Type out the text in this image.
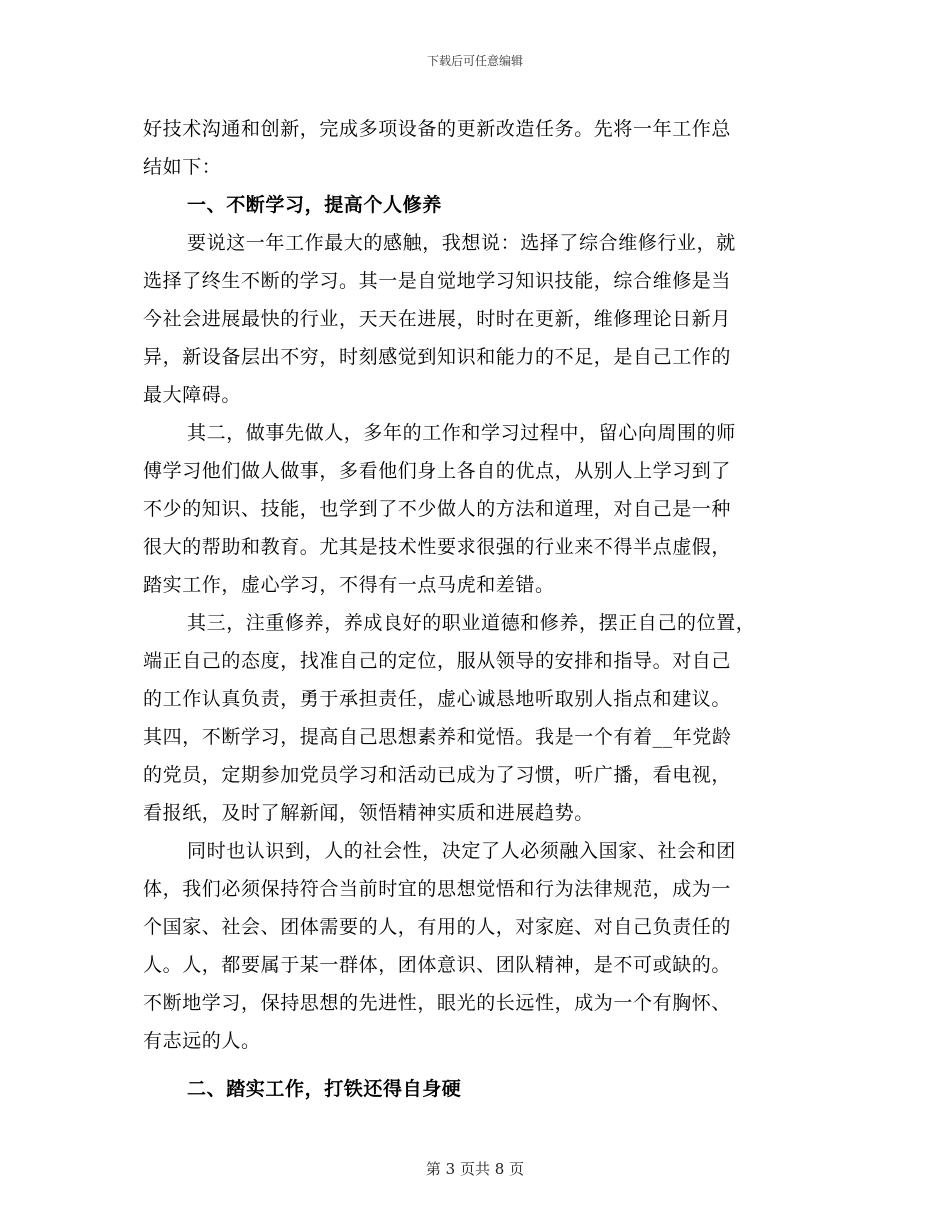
下载后可任意编辑
好技术沟通和创新，完成多项设备的更新改造任务。先将一年工作总
结如下：
一、不断学习，提高个人修养
要说这一年工作最大的感触，我想说：选择了综合维修行业，就
选择了终生不断的学习。其一是自觉地学习知识技能，综合维修是当
今社会进展最快的行业，天天在进展，时时在更新，维修理论日新月
异，新设备层出不穷，时刻感觉到知识和能力的不足，是自己工作的
最大障碍。
其二，做事先做人，多年的工作和学习过程中，留心向周围的师
傅学习他们做人做事，多看他们身上各自的优点，从别人上学习到了
不少的知识、技能，也学到了不少做人的方法和道理，对自己是一种
很大的帮助和教育。尤其是技术性要求很强的行业来不得半点虚假，
踏实工作，虚心学习，不得有一点马虎和差错。
其三，注重修养，养成良好的职业道德和修养，摆正自己的位置，
端正自己的态度，找准自己的定位，服从领导的安排和指导。对自己
的工作认真负责，勇于承担责任，虚心诚恳地听取别人指点和建议。
其四，不断学习，提高自己思想素养和觉悟。我是一个有着__年党龄
的党员，定期参加党员学习和活动已成为了习惯，听广播，看电视，
看报纸，及时了解新闻，领悟精神实质和进展趋势。
同时也认识到，人的社会性，决定了人必须融入国家、社会和团
体，我们必须保持符合当前时宜的思想觉悟和行为法律规范，成为一
个国家、社会、团体需要的人，有用的人，对家庭、对自己负责任的
人。人，都要属于某一群体，团体意识、团队精神，是不可或缺的。
不断地学习，保持思想的先进性，眼光的长远性，成为一个有胸怀、
有志远的人。
二、踏实工作，打铁还得自身硬
第 3 页共 8 页
